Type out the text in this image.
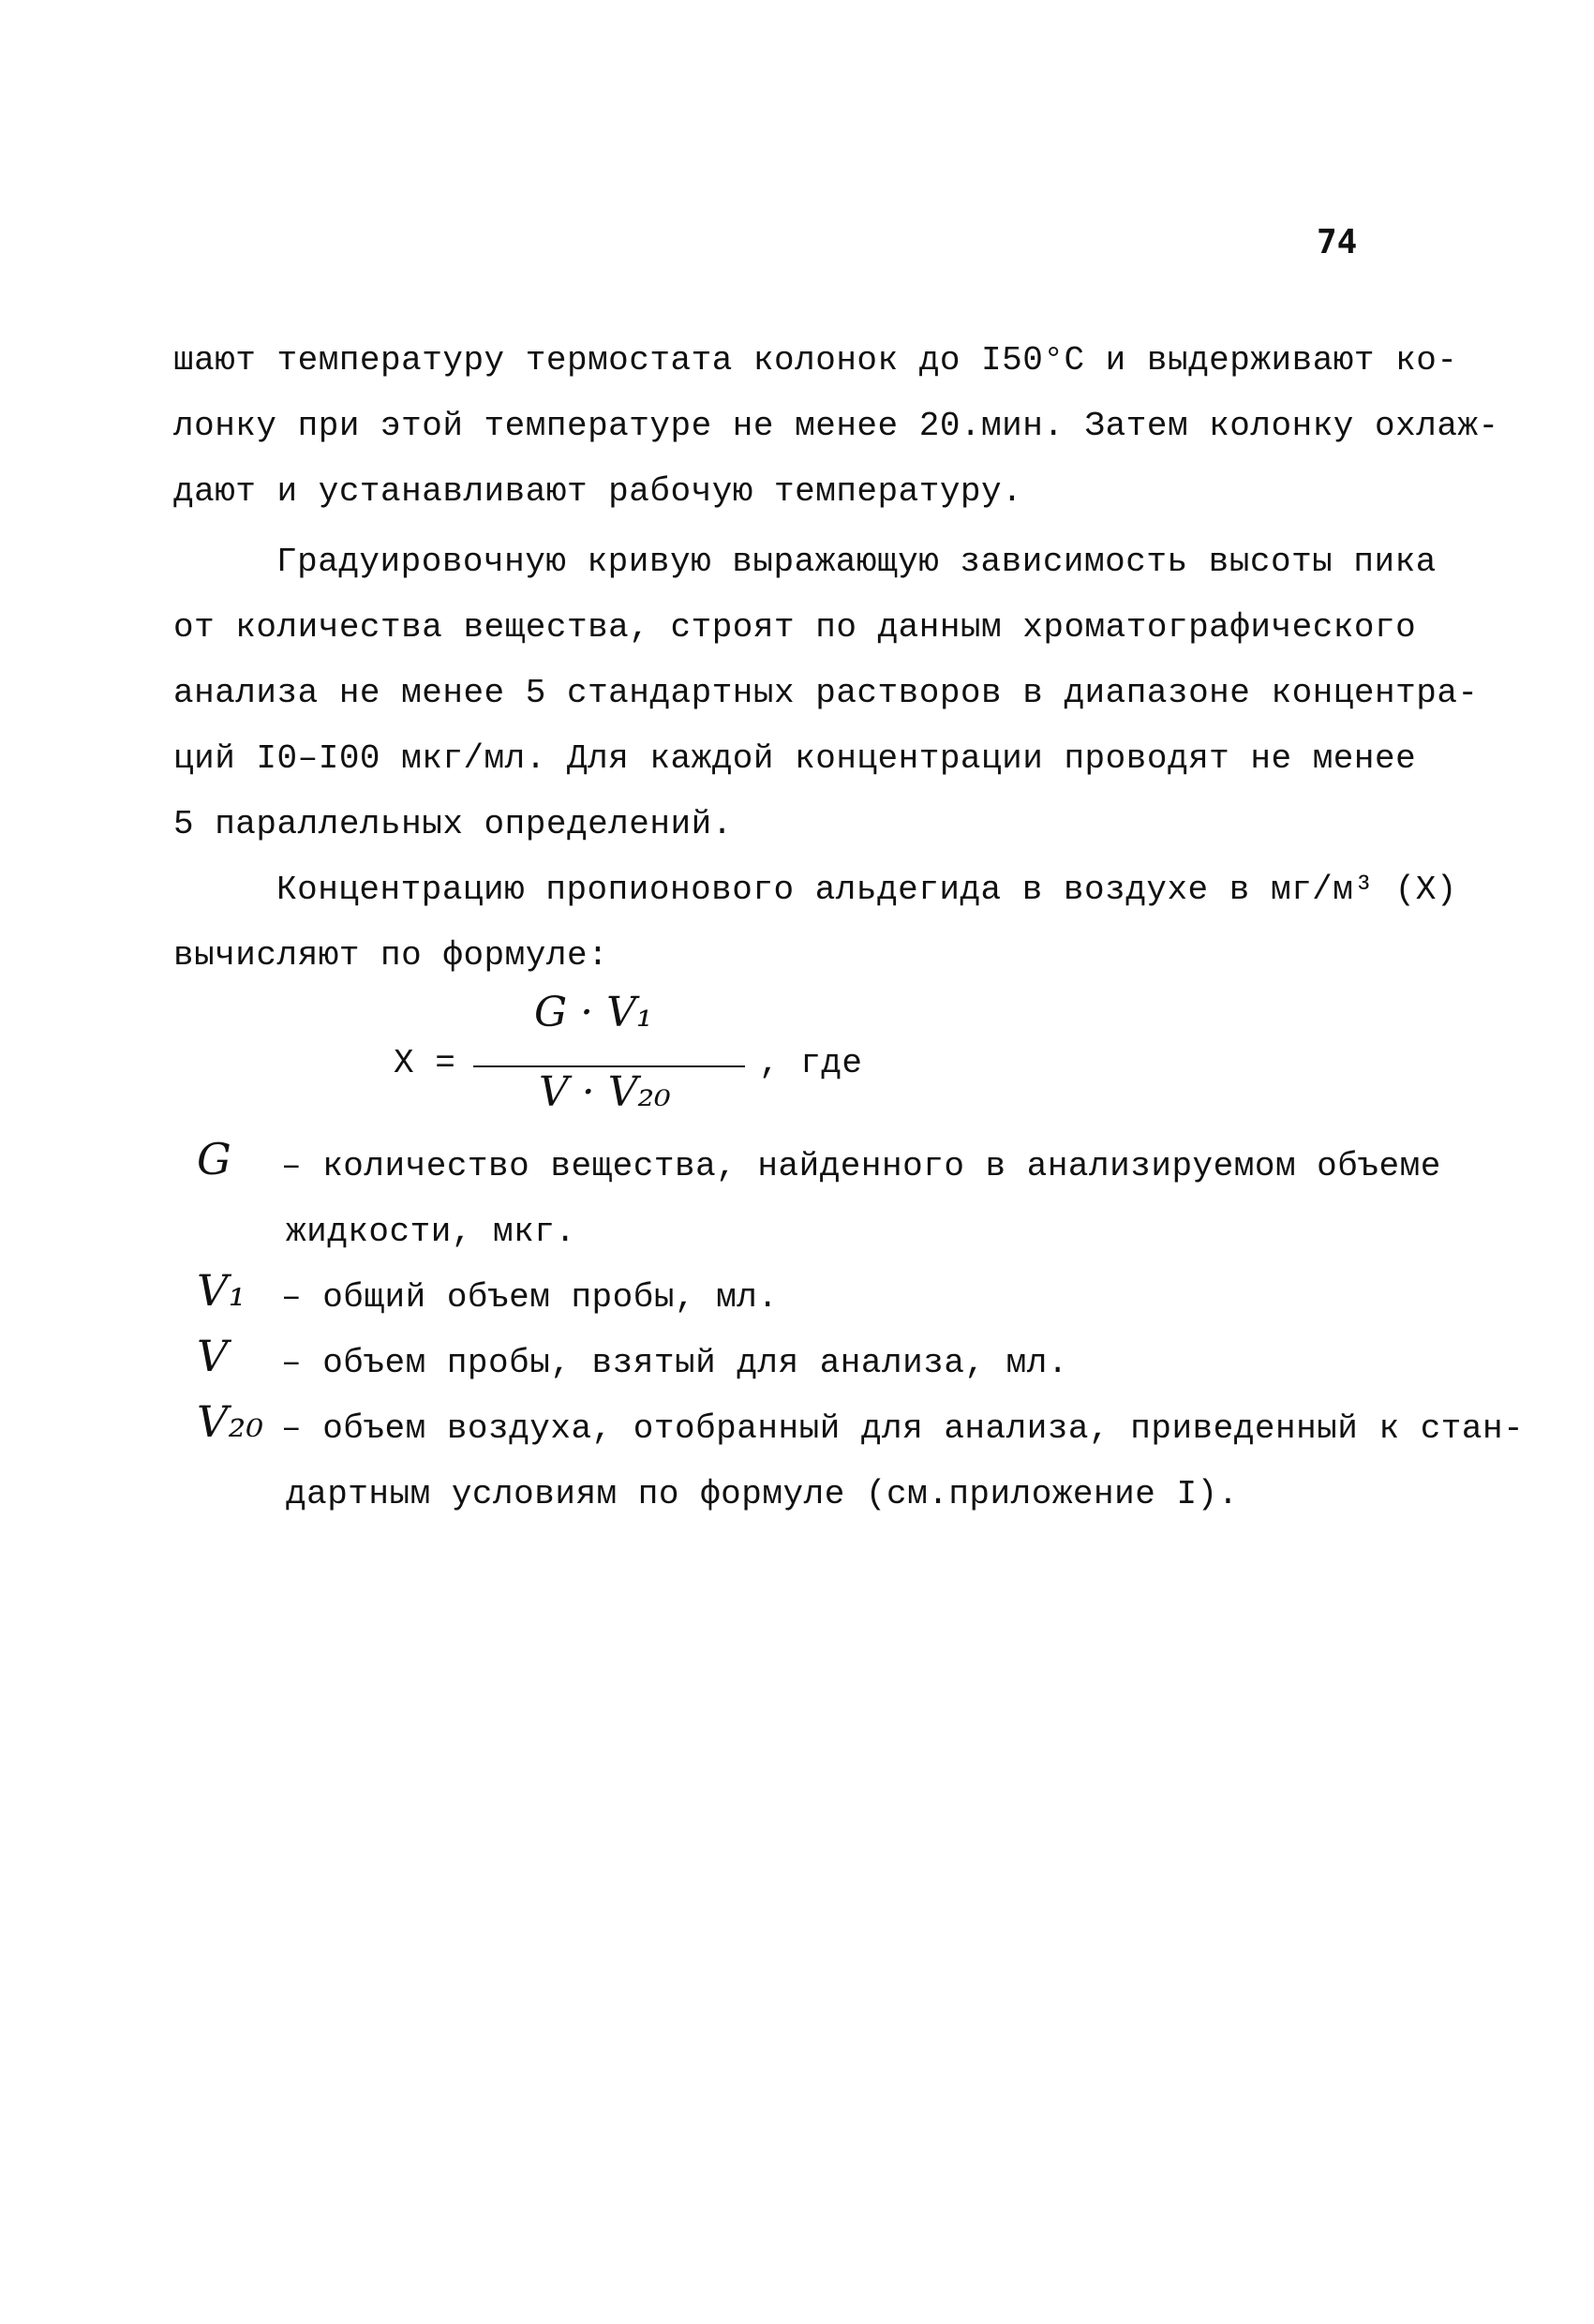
74
шают температуру термостата колонок до I50°С и выдерживают ко-
лонку при этой температуре не менее 20.мин. Затем колонку охлаж-
дают и устанавливают рабочую температуру.
Градуировочную кривую выражающую зависимость высоты пика
от количества вещества, строят по данным хроматографического
анализа не менее 5 стандартных растворов в диапазоне концентра-
ций I0–I00 мкг/мл. Для каждой концентрации проводят не менее
5 параллельных определений.
Концентрацию пропионового альдегида в воздухе в мг/м³ (X)
вычисляют по формуле:
X =
G · V₁
V · V₂₀
, где
G	– количество вещества, найденного в анализируемом объеме
жидкости, мкг.
V₁	– общий объем пробы, мл.
V	– объем пробы, взятый для анализа, мл.
V₂₀ – объем воздуха, отобранный для анализа, приведенный к стан-
дартным условиям по формуле (см.приложение I).
